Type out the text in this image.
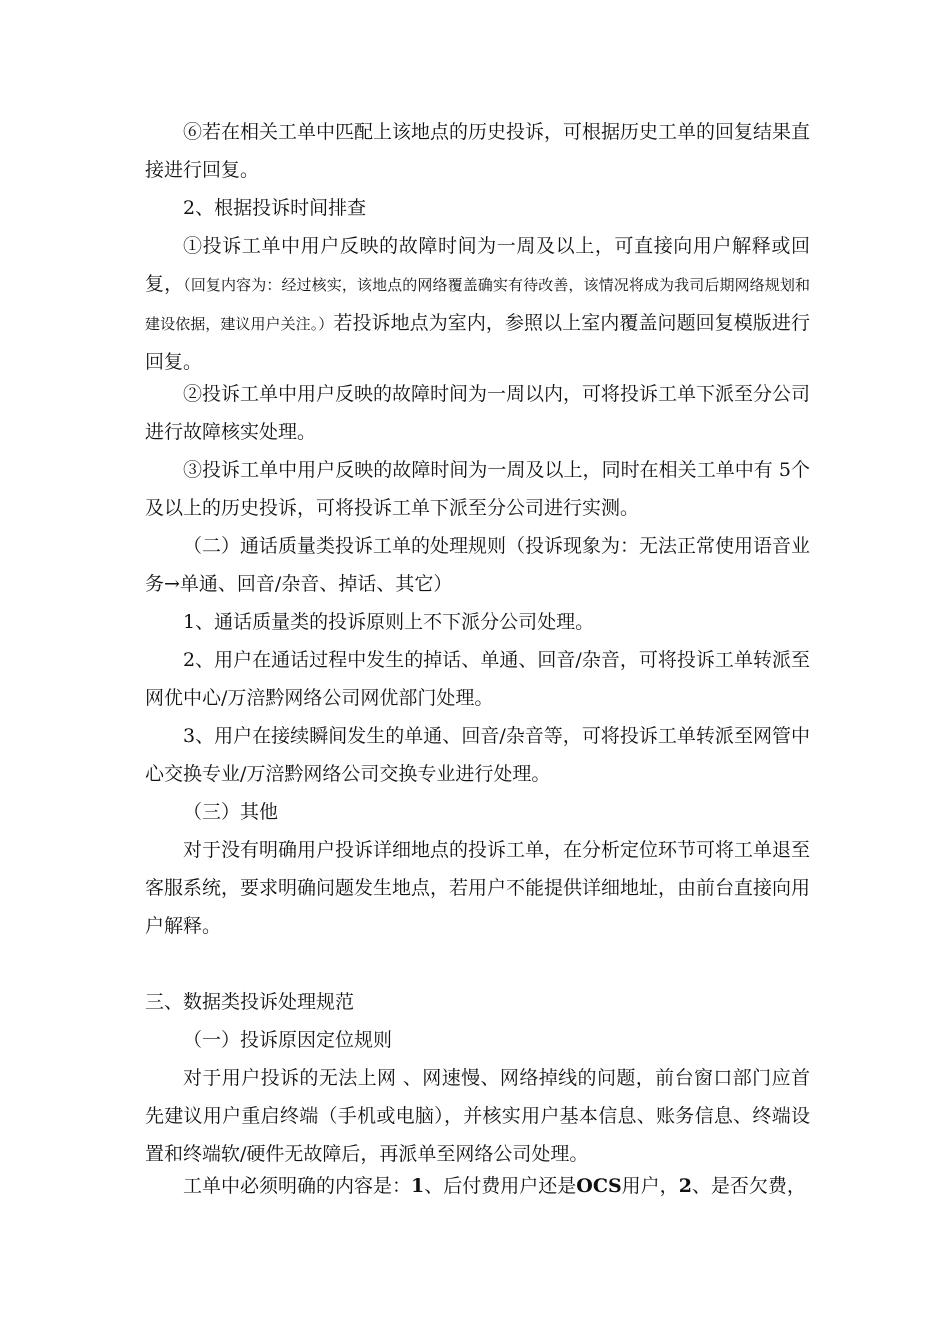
⑥若在相关工单中匹配上该地点的历史投诉，可根据历史工单的回复结果直接进行回复。

2、根据投诉时间排查

①投诉工单中用户反映的故障时间为一周及以上，可直接向用户解释或回复，（回复内容为：经过核实，该地点的网络覆盖确实有待改善，该情况将成为我司后期网络规划和建设依据，建议用户关注。）若投诉地点为室内，参照以上室内覆盖问题回复模版进行回复。

②投诉工单中用户反映的故障时间为一周以内，可将投诉工单下派至分公司进行故障核实处理。

③投诉工单中用户反映的故障时间为一周及以上，同时在相关工单中有 5个及以上的历史投诉，可将投诉工单下派至分公司进行实测。

（二）通话质量类投诉工单的处理规则（投诉现象为：无法正常使用语音业务→单通、回音/杂音、掉话、其它）

1、通话质量类的投诉原则上不下派分公司处理。

2、用户在通话过程中发生的掉话、单通、回音/杂音，可将投诉工单转派至网优中心/万涪黔网络公司网优部门处理。

3、用户在接续瞬间发生的单通、回音/杂音等，可将投诉工单转派至网管中心交换专业/万涪黔网络公司交换专业进行处理。

（三）其他

对于没有明确用户投诉详细地点的投诉工单，在分析定位环节可将工单退至客服系统，要求明确问题发生地点，若用户不能提供详细地址，由前台直接向用户解释。

三、数据类投诉处理规范

（一）投诉原因定位规则

对于用户投诉的无法上网 、网速慢、网络掉线的问题，前台窗口部门应首先建议用户重启终端（手机或电脑），并核实用户基本信息、账务信息、终端设置和终端软/硬件无故障后，再派单至网络公司处理。

工单中必须明确的内容是：1、后付费用户还是OCS用户，2、是否欠费，
